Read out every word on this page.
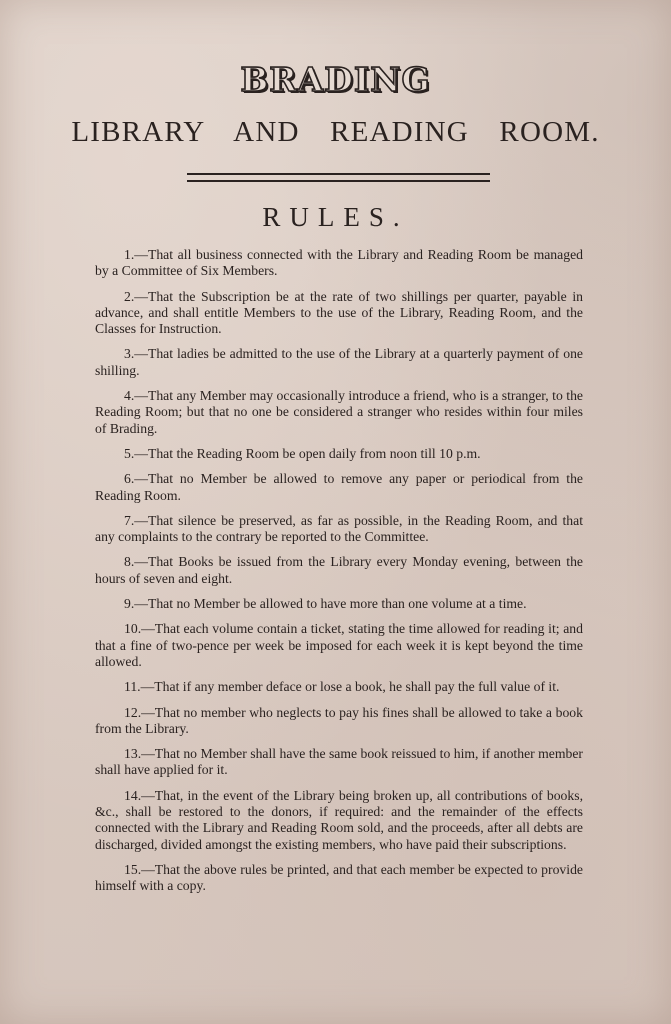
BRADING
LIBRARY AND READING ROOM.
RULES.
1.—That all business connected with the Library and Reading Room be managed by a Committee of Six Members.
2.—That the Subscription be at the rate of two shillings per quarter, payable in advance, and shall entitle Members to the use of the Library, Reading Room, and the Classes for Instruction.
3.—That ladies be admitted to the use of the Library at a quarterly payment of one shilling.
4.—That any Member may occasionally introduce a friend, who is a stranger, to the Reading Room; but that no one be considered a stranger who resides within four miles of Brading.
5.—That the Reading Room be open daily from noon till 10 p.m.
6.—That no Member be allowed to remove any paper or periodical from the Reading Room.
7.—That silence be preserved, as far as possible, in the Reading Room, and that any complaints to the contrary be reported to the Committee.
8.—That Books be issued from the Library every Monday evening, between the hours of seven and eight.
9.—That no Member be allowed to have more than one volume at a time.
10.—That each volume contain a ticket, stating the time allowed for reading it; and that a fine of two-pence per week be imposed for each week it is kept beyond the time allowed.
11.—That if any member deface or lose a book, he shall pay the full value of it.
12.—That no member who neglects to pay his fines shall be allowed to take a book from the Library.
13.—That no Member shall have the same book reissued to him, if another member shall have applied for it.
14.—That, in the event of the Library being broken up, all contributions of books, &c., shall be restored to the donors, if required: and the remainder of the effects connected with the Library and Reading Room sold, and the proceeds, after all debts are discharged, divided amongst the existing members, who have paid their subscriptions.
15.—That the above rules be printed, and that each member be expected to provide himself with a copy.
